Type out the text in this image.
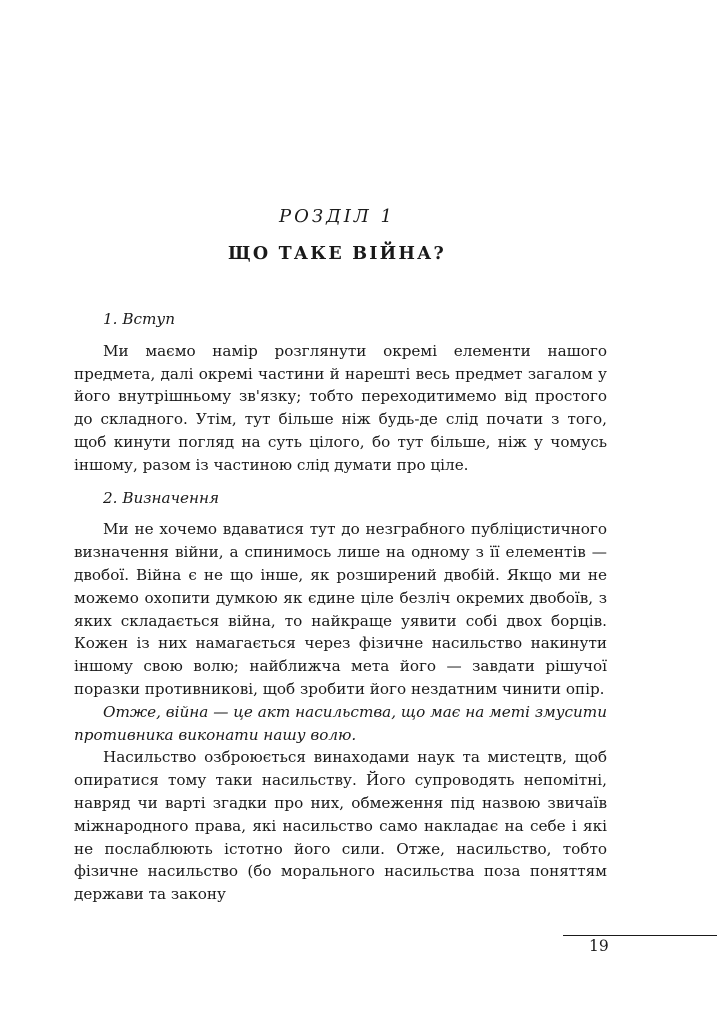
РОЗДІЛ 1
ЩО ТАКЕ ВІЙНА?

1. Вступ

Ми маємо намір розглянути окремі елементи нашого предмета, далі окремі частини й нарешті весь предмет загалом у його внутрішньому зв'язку; тобто переходитимемо від простого до складного. Утім, тут більше ніж будь-де слід почати з того, щоб кинути погляд на суть цілого, бо тут більше, ніж у чомусь іншому, разом із частиною слід думати про ціле.

2. Визначення

Ми не хочемо вдаватися тут до незграбного публіцистичного визначення війни, а спинимось лише на одному з її елементів — двобої. Війна є не що інше, як розширений двобій. Якщо ми не можемо охопити думкою як єдине ціле безліч окремих двобоїв, з яких складається війна, то найкраще уявити собі двох борців. Кожен із них намагається через фізичне насильство накинути іншому свою волю; найближча мета його — завдати рішучої поразки противникові, щоб зробити його нездатним чинити опір.

Отже, війна — це акт насильства, що має на меті змусити противника виконати нашу волю.

Насильство озброюється винаходами наук та мистецтв, щоб опиратися тому таки насильству. Його супроводять непомітні, навряд чи варті згадки про них, обмеження під назвою звичаїв міжнародного права, які насильство само накладає на себе і які не послаблюють істотно його сили. Отже, насильство, тобто фізичне насильство (бо морального насильства поза поняттям держави та закону

19
